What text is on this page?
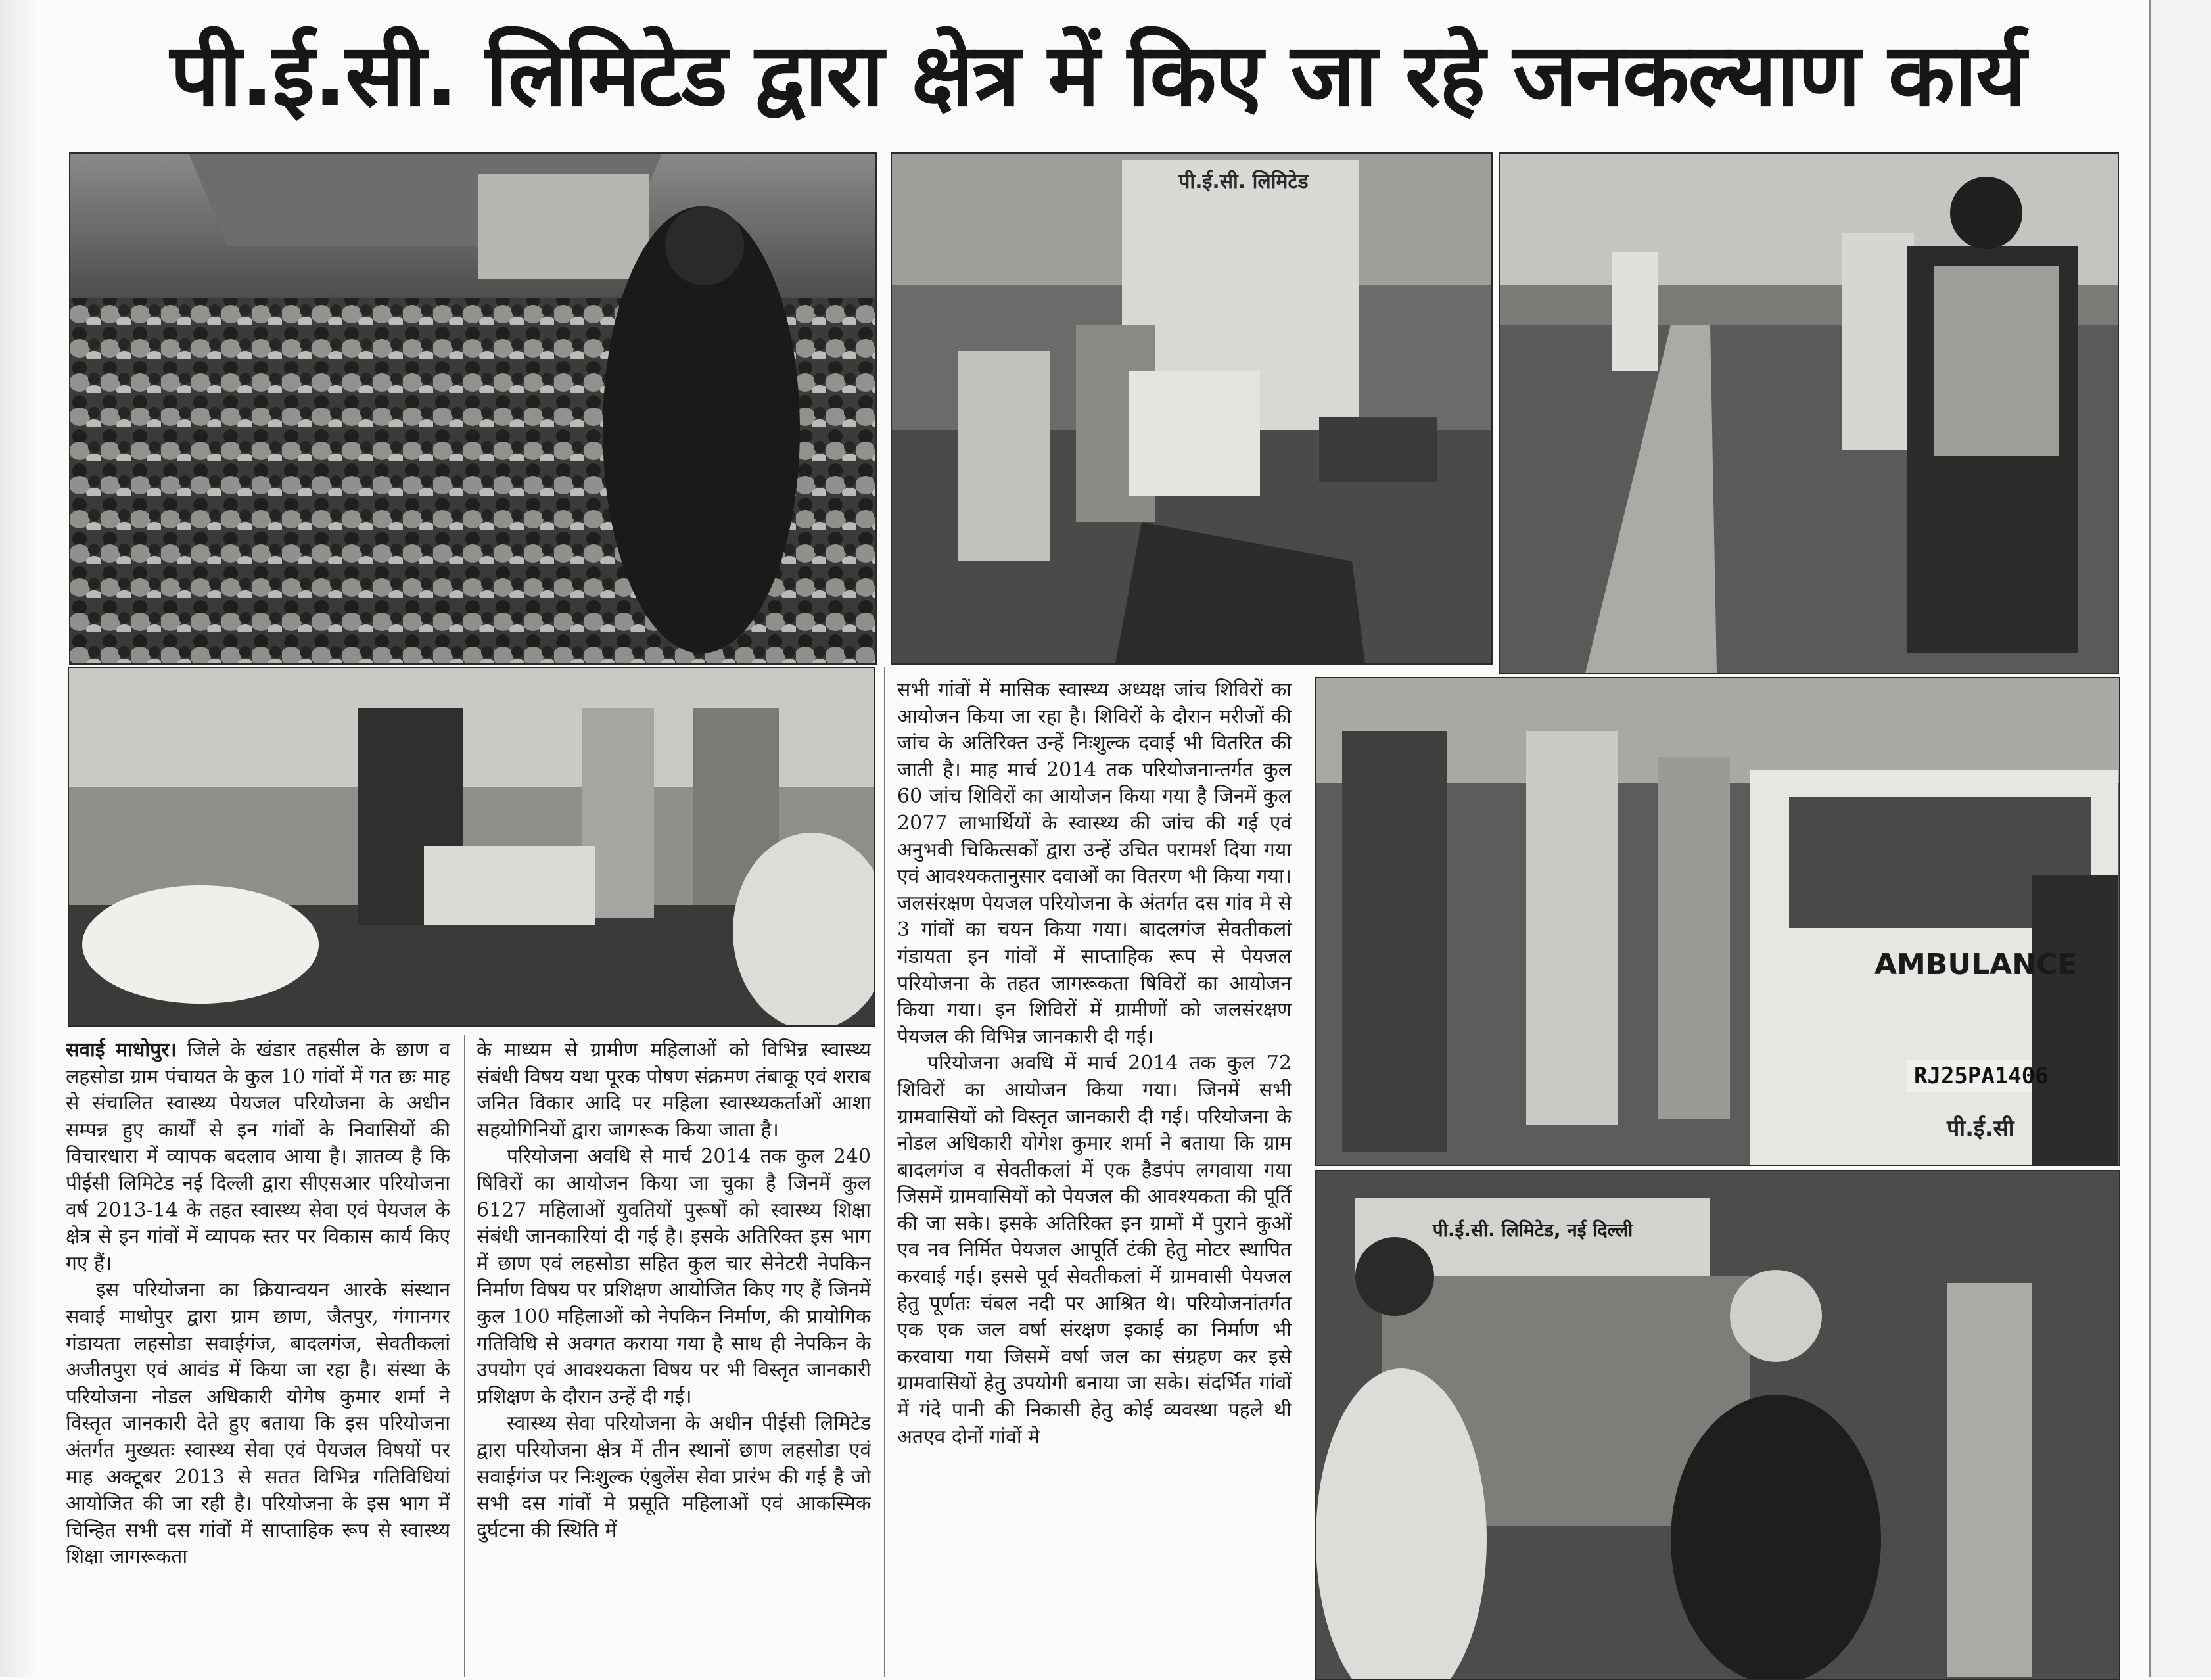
पी.ई.सी. लिमिटेड द्वारा क्षेत्र में किए जा रहे जनकल्याण कार्य
पी.ई.सी. लिमिटेड
AMBULANCE
RJ25PA1406
पी.ई.सी
पी.ई.सी. लिमिटेड, नई दिल्ली

सवाई माधोपुर। जिले के खंडार तहसील के छाण व लहसोडा ग्राम पंचायत के कुल 10 गांवों में गत छः माह से संचालित स्वास्थ्य पेयजल परियोजना के अधीन सम्पन्न हुए कार्यों से इन गांवों के निवासियों की विचारधारा में व्यापक बदलाव आया है। ज्ञातव्य है कि पीईसी लिमिटेड नई दिल्ली द्वारा सीएसआर परियोजना वर्ष 2013-14 के तहत स्वास्थ्य सेवा एवं पेयजल के क्षेत्र से इन गांवों में व्यापक स्तर पर विकास कार्य किए गए हैं।

इस परियोजना का क्रियान्वयन आरके संस्थान सवाई माधोपुर द्वारा ग्राम छाण, जैतपुर, गंगानगर गंडायता लहसोडा सवाईगंज, बादलगंज, सेवतीकलां अजीतपुरा एवं आवंड में किया जा रहा है। संस्था के परियोजना नोडल अधिकारी योगेष कुमार शर्मा ने विस्तृत जानकारी देते हुए बताया कि इस परियोजना अंतर्गत मुख्यतः स्वास्थ्य सेवा एवं पेयजल विषयों पर माह अक्टूबर 2013 से सतत विभिन्न गतिविधियां आयोजित की जा रही है। परियोजना के इस भाग में चिन्हित सभी दस गांवों में साप्ताहिक रूप से स्वास्थ्य शिक्षा जागरूकता

के माध्यम से ग्रामीण महिलाओं को विभिन्न स्वास्थ्य संबंधी विषय यथा पूरक पोषण संक्रमण तंबाकू एवं शराब जनित विकार आदि पर महिला स्वास्थ्यकर्ताओं आशा सहयोगिनियों द्वारा जागरूक किया जाता है।

परियोजना अवधि से मार्च 2014 तक कुल 240 षिविरों का आयोजन किया जा चुका है जिनमें कुल 6127 महिलाओं युवतियों पुरूषों को स्वास्थ्य शिक्षा संबंधी जानकारियां दी गई है। इसके अतिरिक्त इस भाग में छाण एवं लहसोडा सहित कुल चार सेनेटरी नेपकिन निर्माण विषय पर प्रशिक्षण आयोजित किए गए हैं जिनमें कुल 100 महिलाओं को नेपकिन निर्माण, की प्रायोगिक गतिविधि से अवगत कराया गया है साथ ही नेपकिन के उपयोग एवं आवश्यकता विषय पर भी विस्तृत जानकारी प्रशिक्षण के दौरान उन्हें दी गई।

स्वास्थ्य सेवा परियोजना के अधीन पीईसी लिमिटेड द्वारा परियोजना क्षेत्र में तीन स्थानों छाण लहसोडा एवं सवाईगंज पर निःशुल्क एंबुलेंस सेवा प्रारंभ की गई है जो सभी दस गांवों मे प्रसूति महिलाओं एवं आकस्मिक दुर्घटना की स्थिति में

सभी गांवों में मासिक स्वास्थ्य अध्यक्ष जांच शिविरों का आयोजन किया जा रहा है। शिविरों के दौरान मरीजों की जांच के अतिरिक्त उन्हें निःशुल्क दवाई भी वितरित की जाती है। माह मार्च 2014 तक परियोजनान्तर्गत कुल 60 जांच शिविरों का आयोजन किया गया है जिनमें कुल 2077 लाभार्थियों के स्वास्थ्य की जांच की गई एवं अनुभवी चिकित्सकों द्वारा उन्हें उचित परामर्श दिया गया एवं आवश्यकतानुसार दवाओं का वितरण भी किया गया। जलसंरक्षण पेयजल परियोजना के अंतर्गत दस गांव मे से 3 गांवों का चयन किया गया। बादलगंज सेवतीकलां गंडायता इन गांवों में साप्ताहिक रूप से पेयजल परियोजना के तहत जागरूकता षिविरों का आयोजन किया गया। इन शिविरों में ग्रामीणों को जलसंरक्षण पेयजल की विभिन्न जानकारी दी गई।

परियोजना अवधि में मार्च 2014 तक कुल 72 शिविरों का आयोजन किया गया। जिनमें सभी ग्रामवासियों को विस्तृत जानकारी दी गई। परियोजना के नोडल अधिकारी योगेश कुमार शर्मा ने बताया कि ग्राम बादलगंज व सेवतीकलां में एक हैडपंप लगवाया गया जिसमें ग्रामवासियों को पेयजल की आवश्यकता की पूर्ति की जा सके। इसके अतिरिक्त इन ग्रामों में पुराने कुओं एव नव निर्मित पेयजल आपूर्ति टंकी हेतु मोटर स्थापित करवाई गई। इससे पूर्व सेवतीकलां में ग्रामवासी पेयजल हेतु पूर्णतः चंबल नदी पर आश्रित थे। परियोजनांतर्गत एक एक जल वर्षा संरक्षण इकाई का निर्माण भी करवाया गया जिसमें वर्षा जल का संग्रहण कर इसे ग्रामवासियों हेतु उपयोगी बनाया जा सके। संदर्भित गांवों में गंदे पानी की निकासी हेतु कोई व्यवस्था पहले थी अतएव दोनों गांवों मे
